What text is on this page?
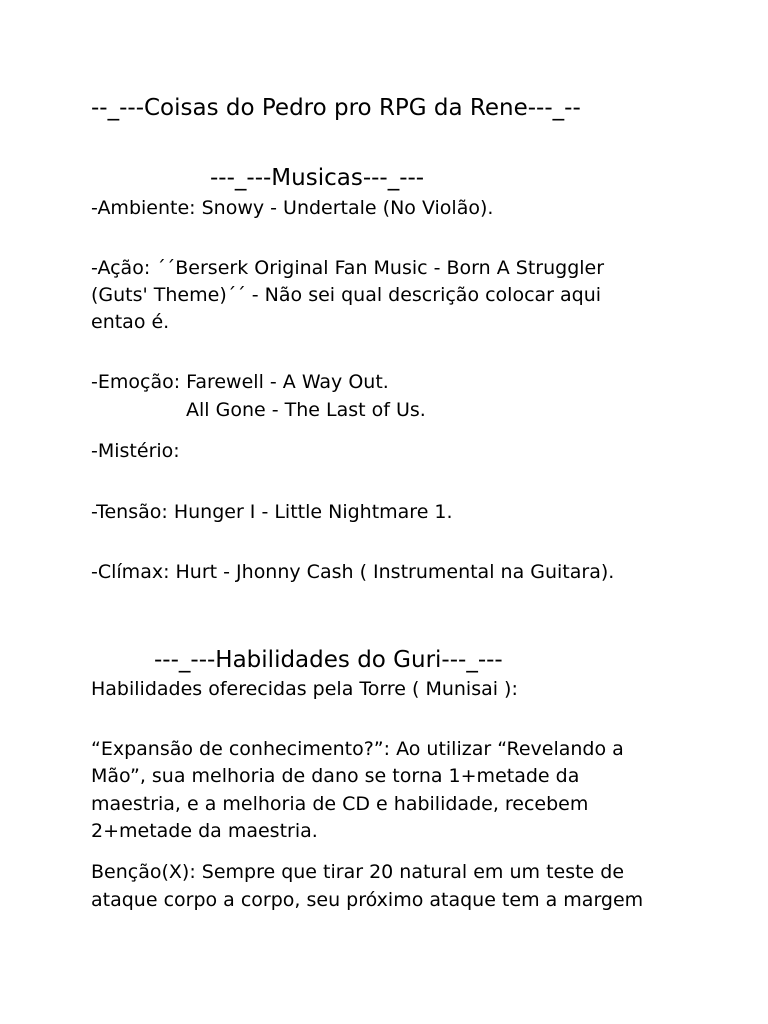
--_---Coisas do Pedro pro RPG da Rene---_--
---_---Musicas---_---
-Ambiente: Snowy - Undertale (No Violão).
-Ação: ´´Berserk Original Fan Music - Born A Struggler
(Guts' Theme)´´ - Não sei qual descrição colocar aqui
entao é.
-Emoção: Farewell - A Way Out.
All Gone - The Last of Us.
-Mistério:
-Tensão: Hunger I - Little Nightmare 1.
-Clímax: Hurt - Jhonny Cash ( Instrumental na Guitara).
---_---Habilidades do Guri---_---
Habilidades oferecidas pela Torre ( Munisai ):
“Expansão de conhecimento?”: Ao utilizar “Revelando a
Mão”, sua melhoria de dano se torna 1+metade da
maestria, e a melhoria de CD e habilidade, recebem
2+metade da maestria.
Benção(X): Sempre que tirar 20 natural em um teste de
ataque corpo a corpo, seu próximo ataque tem a margem
